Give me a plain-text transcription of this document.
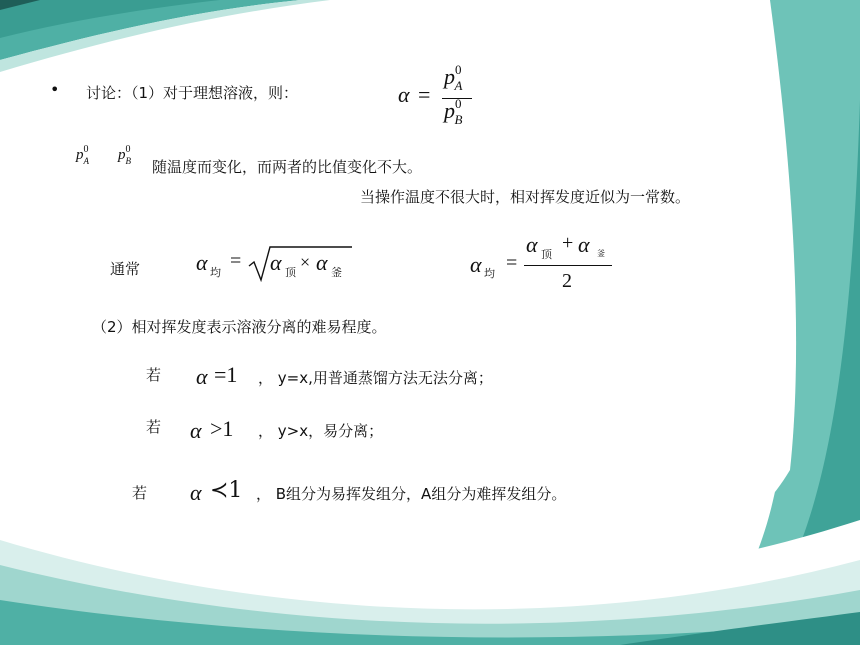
• 讨论：（1）对于理想溶液，则：	α =
$p^0_A$
$p^0_B$
$p^0_A$	$p^0_B$	随温度而变化，而两者的比值变化不大。
当操作温度不很大时，相对挥发度近似为一常数。
通常	α 均
= α 顶
× α 釜	α 均 =
α 顶
+ α 釜
2
（2）相对挥发度表示溶液分离的难易程度。
若 α =1 ， y=x,用普通蒸馏方法无法分离；
若 α >1 ， y>x，易分离；
若 α ≺1 ， B组分为易挥发组分，A组分为难挥发组分。
